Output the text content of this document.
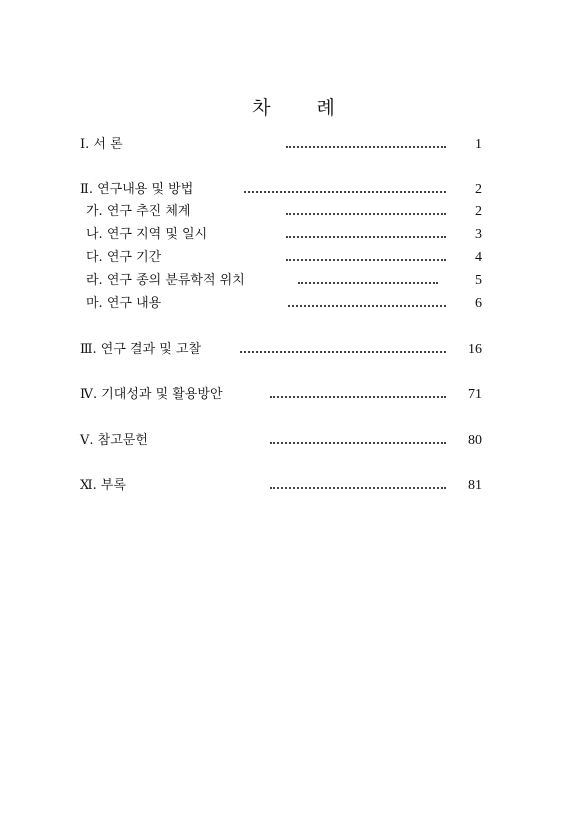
차 례
Ⅰ. 서 론	1
Ⅱ. 연구내용 및 방법	2
가. 연구 추진 체계	2
나. 연구 지역 및 일시	3
다. 연구 기간	4
라. 연구 종의 분류학적 위치	5
마. 연구 내용	6
Ⅲ. 연구 결과 및 고찰	16
Ⅳ. 기대성과 및 활용방안	71
Ⅴ. 참고문헌	80
Ⅺ. 부록	81
